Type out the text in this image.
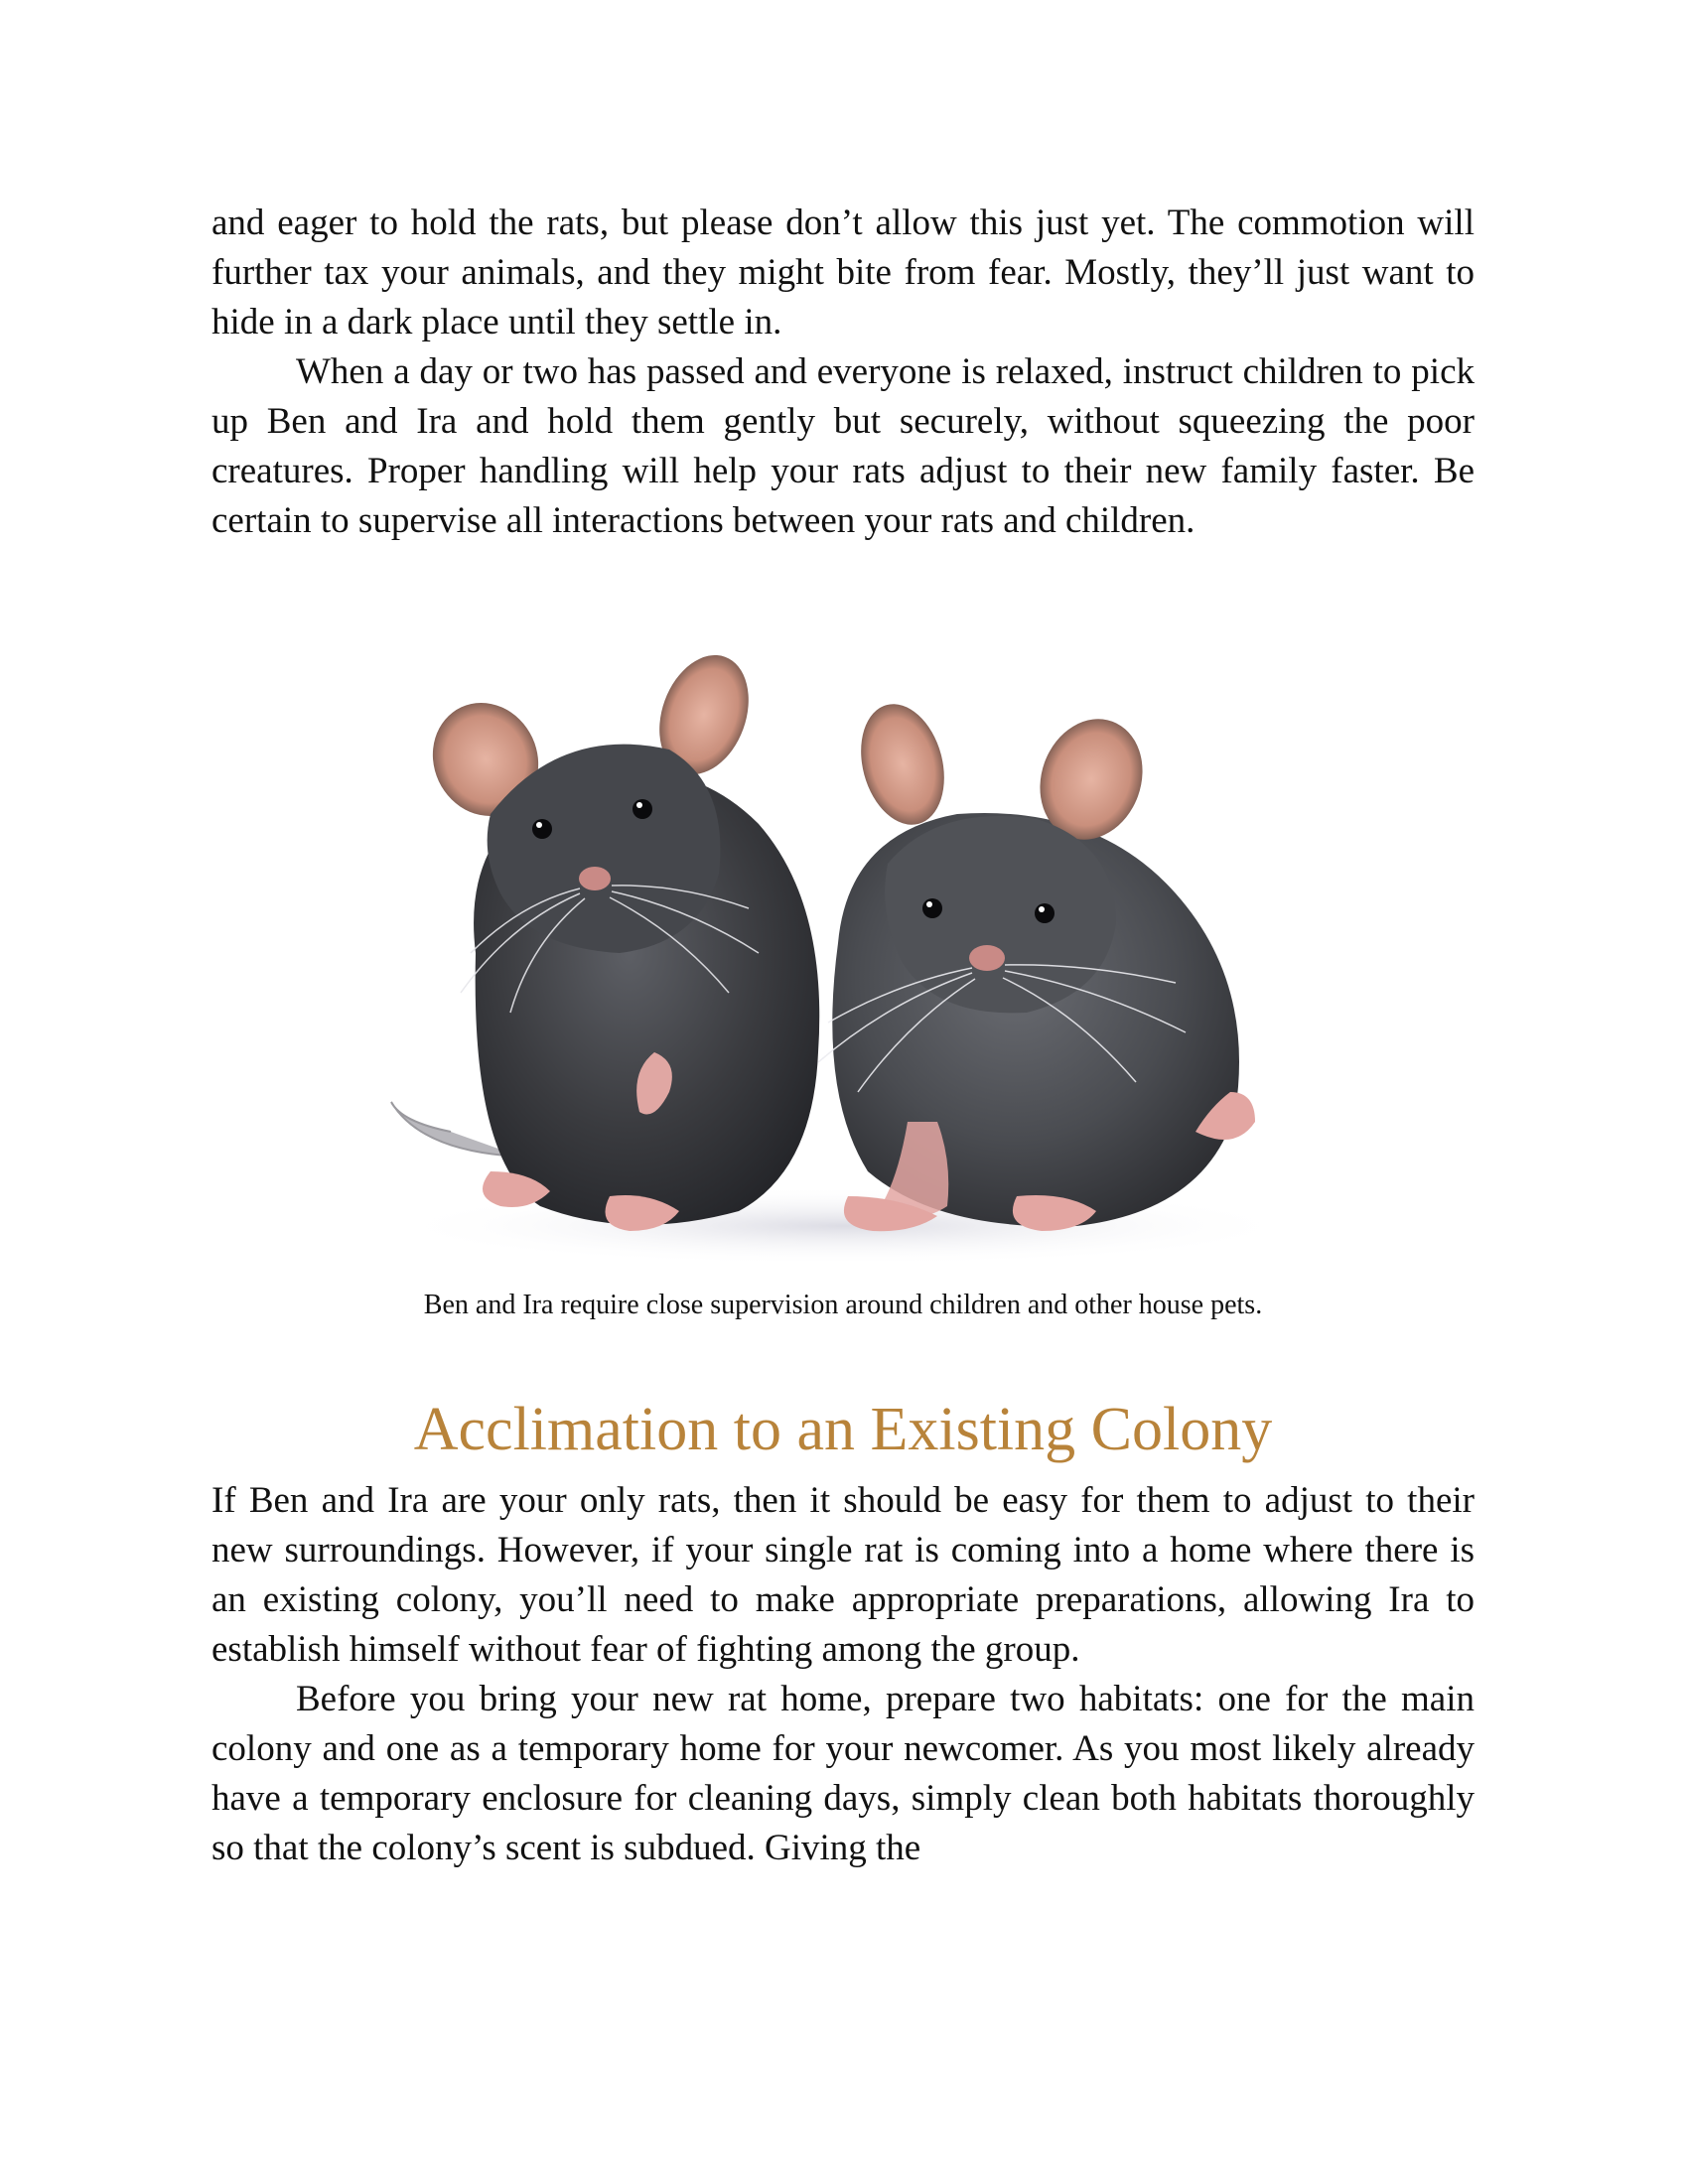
and eager to hold the rats, but please don’t allow this just yet. The commotion will further tax your animals, and they might bite from fear. Mostly, they’ll just want to hide in a dark place until they settle in.

When a day or two has passed and everyone is relaxed, instruct children to pick up Ben and Ira and hold them gently but securely, without squeezing the poor creatures. Proper handling will help your rats adjust to their new family faster. Be certain to supervise all interactions between your rats and children.

Ben and Ira require close supervision around children and other house pets.
Acclimation to an Existing Colony

If Ben and Ira are your only rats, then it should be easy for them to adjust to their new surroundings. However, if your single rat is coming into a home where there is an existing colony, you’ll need to make appropriate preparations, allowing Ira to establish himself without fear of fighting among the group.

Before you bring your new rat home, prepare two habitats: one for the main colony and one as a temporary home for your newcomer. As you most likely already have a temporary enclosure for cleaning days, simply clean both habitats thoroughly so that the colony’s scent is subdued. Giving the
